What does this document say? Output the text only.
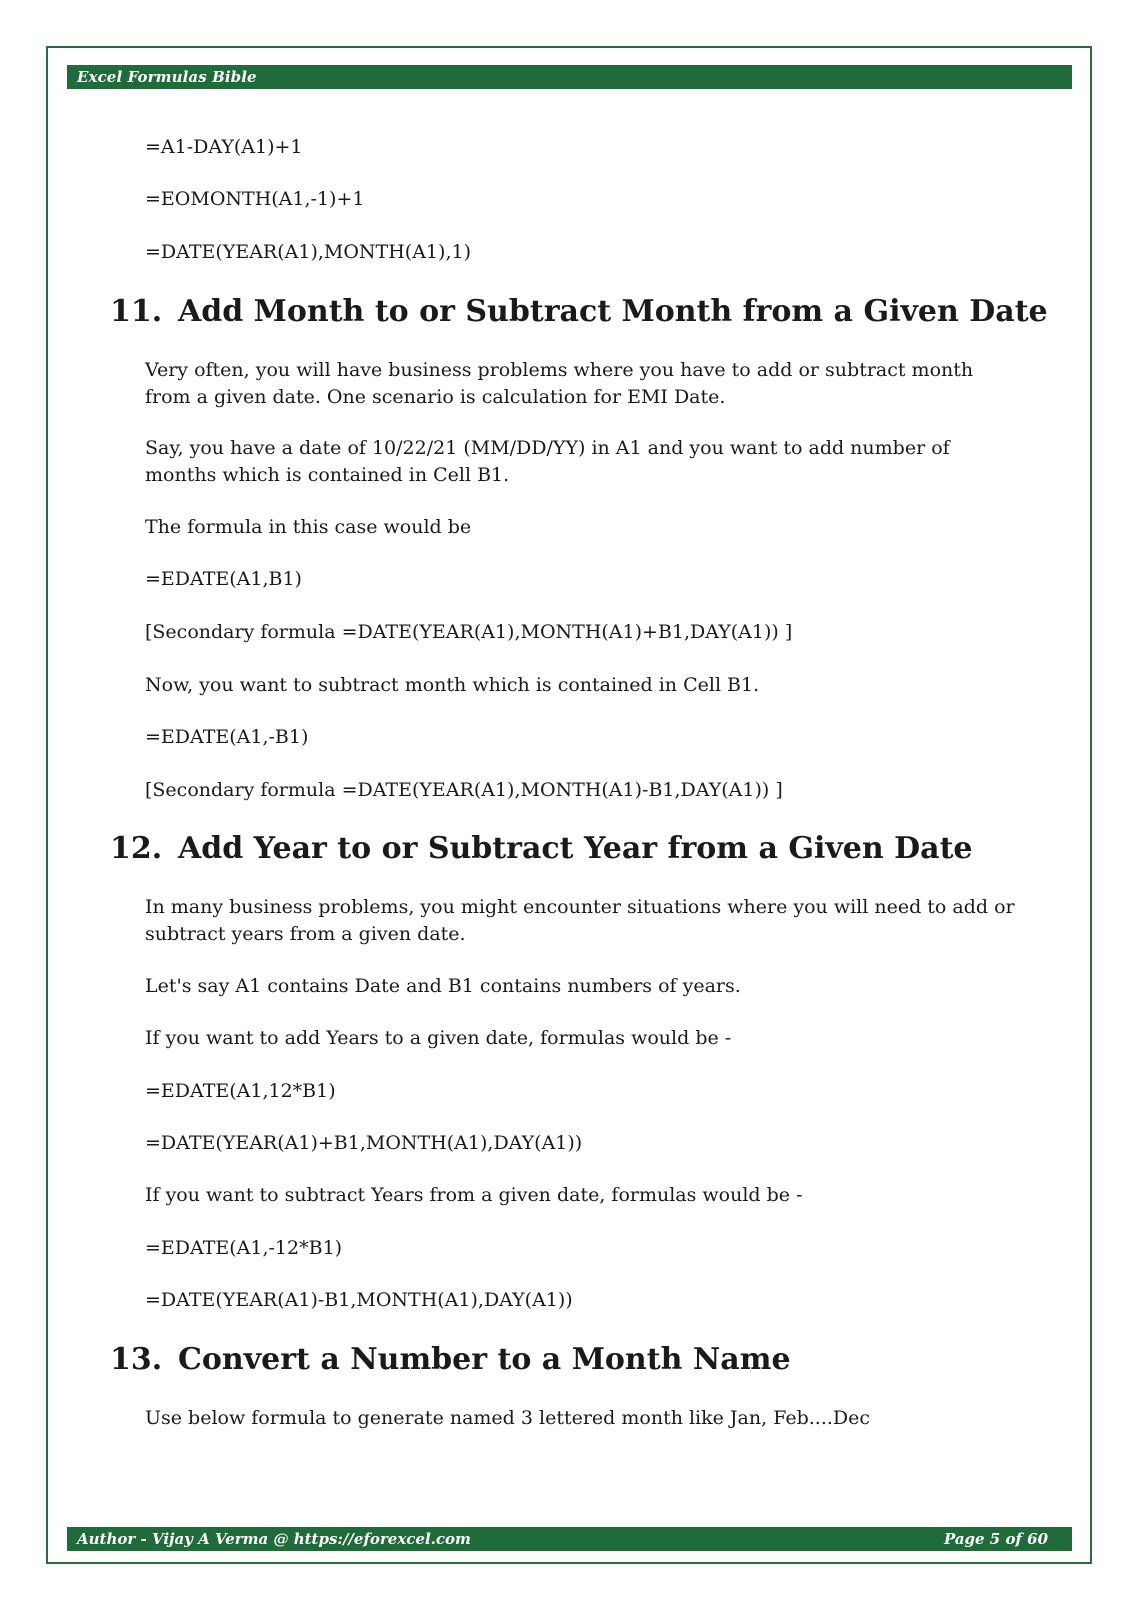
Excel Formulas Bible
=A1-DAY(A1)+1
=EOMONTH(A1,-1)+1
=DATE(YEAR(A1),MONTH(A1),1)
11. Add Month to or Subtract Month from a Given Date
Very often, you will have business problems where you have to add or subtract month
from a given date. One scenario is calculation for EMI Date.
Say, you have a date of 10/22/21 (MM/DD/YY) in A1 and you want to add number of
months which is contained in Cell B1.
The formula in this case would be
=EDATE(A1,B1)
[Secondary formula =DATE(YEAR(A1),MONTH(A1)+B1,DAY(A1)) ]
Now, you want to subtract month which is contained in Cell B1.
=EDATE(A1,-B1)
[Secondary formula =DATE(YEAR(A1),MONTH(A1)-B1,DAY(A1)) ]
12. Add Year to or Subtract Year from a Given Date
In many business problems, you might encounter situations where you will need to add or
subtract years from a given date.
Let's say A1 contains Date and B1 contains numbers of years.
If you want to add Years to a given date, formulas would be -
=EDATE(A1,12*B1)
=DATE(YEAR(A1)+B1,MONTH(A1),DAY(A1))
If you want to subtract Years from a given date, formulas would be -
=EDATE(A1,-12*B1)
=DATE(YEAR(A1)-B1,MONTH(A1),DAY(A1))
13. Convert a Number to a Month Name
Use below formula to generate named 3 lettered month like Jan, Feb....Dec
Author - Vijay A Verma @ https://eforexcel.com	Page 5 of 60
